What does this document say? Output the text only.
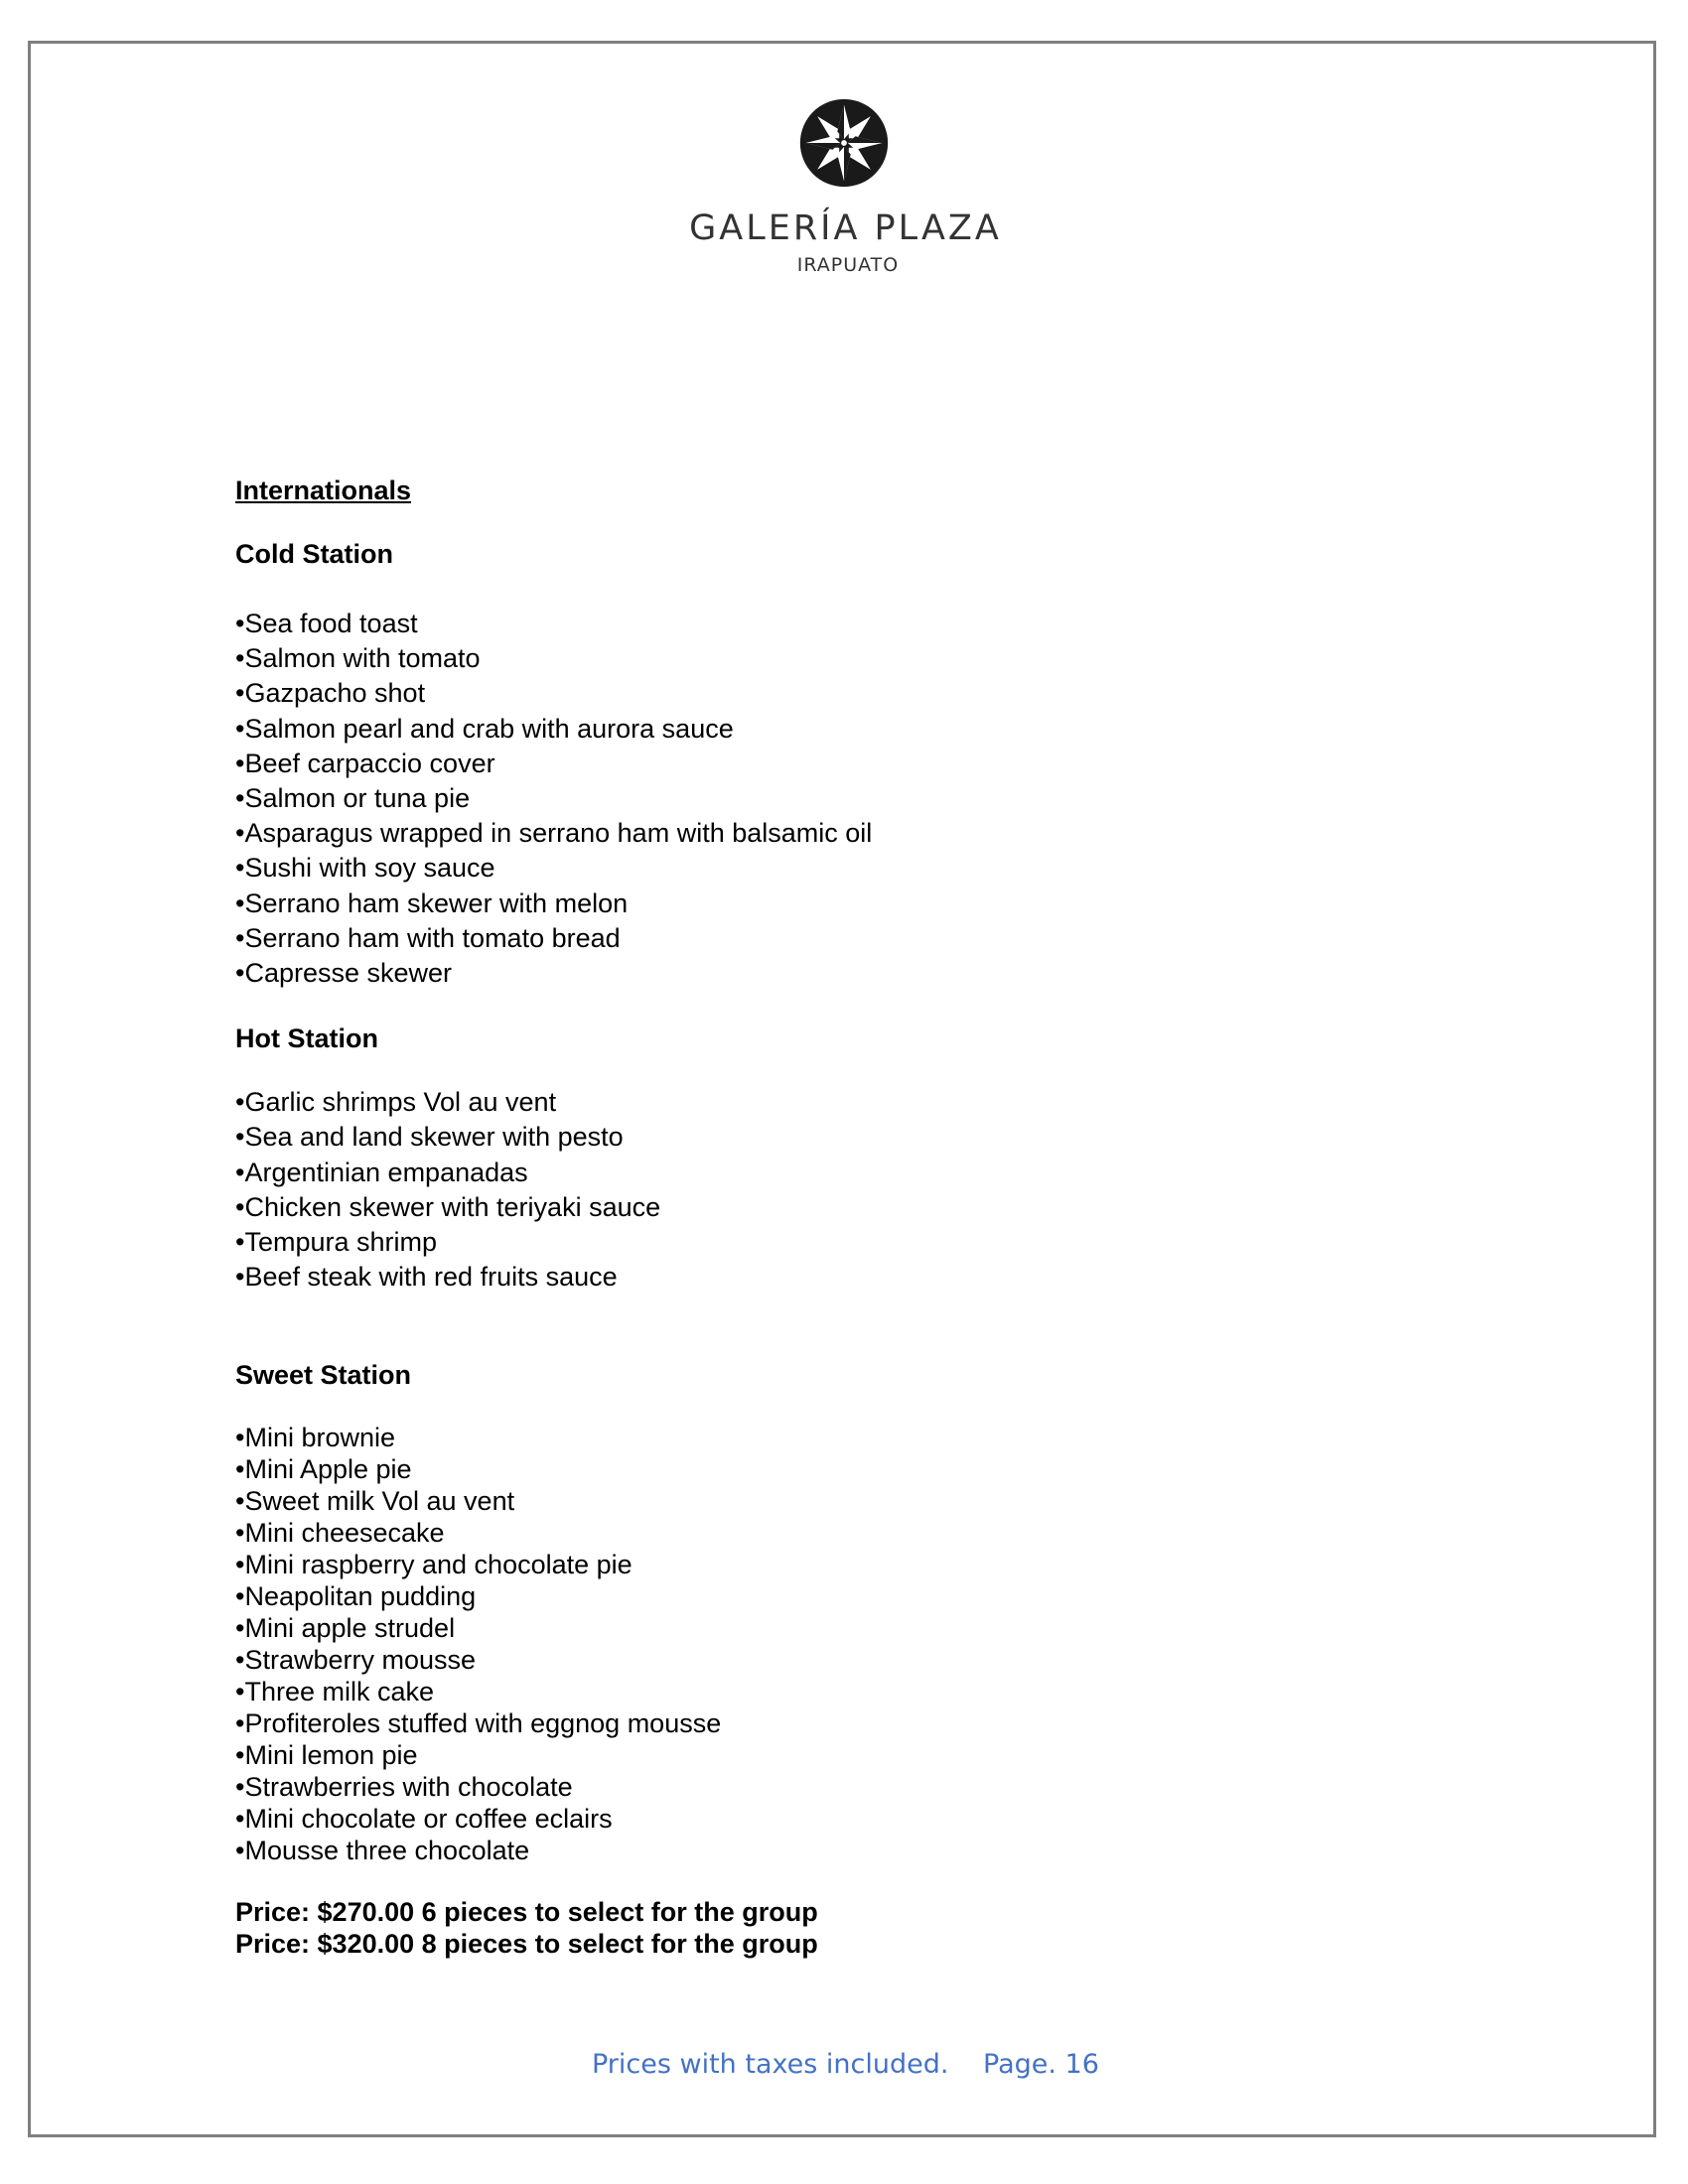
GALERÍA PLAZA
IRAPUATO
Internationals
Cold Station
•Sea food toast
•Salmon with tomato
•Gazpacho shot
•Salmon pearl and crab with aurora sauce
•Beef carpaccio cover
•Salmon or tuna pie
•Asparagus wrapped in serrano ham with balsamic oil
•Sushi with soy sauce
•Serrano ham skewer with melon
•Serrano ham with tomato bread
•Capresse skewer
Hot Station
•Garlic shrimps Vol au vent
•Sea and land skewer with pesto
•Argentinian empanadas
•Chicken skewer with teriyaki sauce
•Tempura shrimp
•Beef steak with red fruits sauce
Sweet Station
•Mini brownie
•Mini Apple pie
•Sweet milk Vol au vent
•Mini cheesecake
•Mini raspberry and chocolate pie
•Neapolitan pudding
•Mini apple strudel
•Strawberry mousse
•Three milk cake
•Profiteroles stuffed with eggnog mousse
•Mini lemon pie
•Strawberries with chocolate
•Mini chocolate or coffee eclairs
•Mousse three chocolate
Price: $270.00 6 pieces to select for the group
Price: $320.00 8 pieces to select for the group
Prices with taxes included. Page. 16
